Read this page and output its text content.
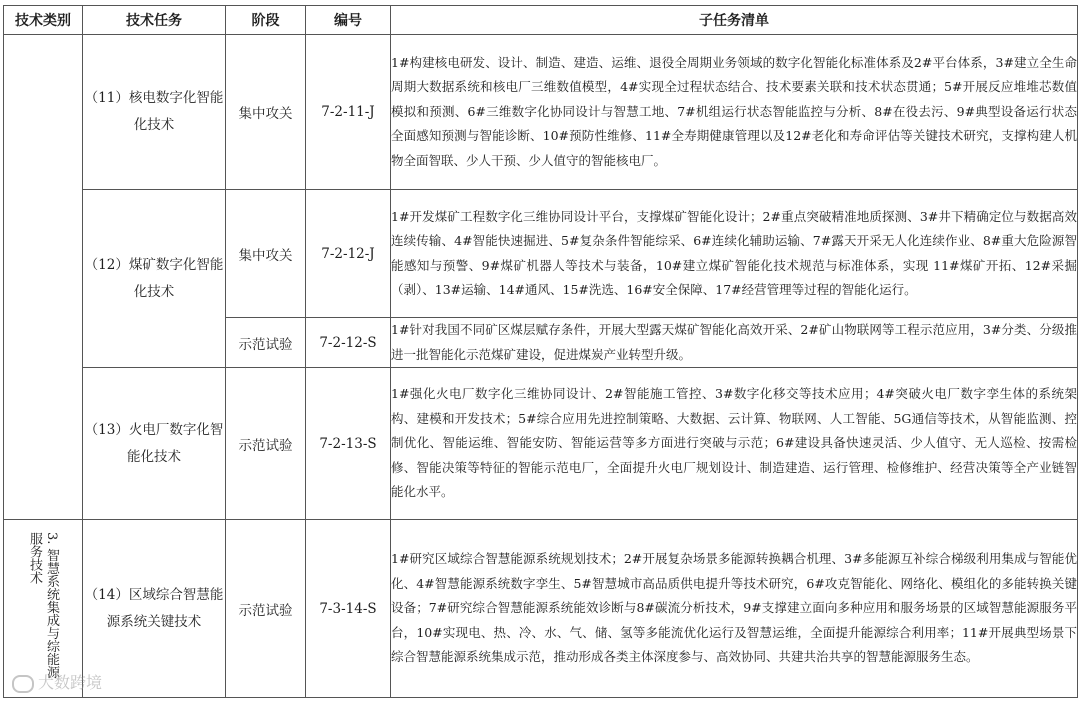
技术类别	技术任务	阶段	编号	子任务清单
	（11）核电数字化智能化技术	集中攻关	7-2-11-J	1#构建核电研发、设计、制造、建造、运维、退役全周期业务领域的数字化智能化标准体系及2#平台体系，3#建立全生命周期大数据系统和核电厂三维数值模型，4#实现全过程状态结合、技术要素关联和技术状态贯通；5#开展反应堆堆芯数值模拟和预测、6#三维数字化协同设计与智慧工地、7#机组运行状态智能监控与分析、8#在役去污、9#典型设备运行状态全面感知预测与智能诊断、10#预防性维修、11#全寿期健康管理以及12#老化和寿命评估等关键技术研究，支撑构建人机物全面智联、少人干预、少人值守的智能核电厂。
	（12）煤矿数字化智能化技术	集中攻关	7-2-12-J	1#开发煤矿工程数字化三维协同设计平台，支撑煤矿智能化设计；2#重点突破精准地质探测、3#井下精确定位与数据高效连续传输、4#智能快速掘进、5#复杂条件智能综采、6#连续化辅助运输、7#露天开采无人化连续作业、8#重大危险源智能感知与预警、9#煤矿机器人等技术与装备，10#建立煤矿智能化技术规范与标准体系，实现 11#煤矿开拓、12#采掘（剥）、13#运输、14#通风、15#洗选、16#安全保障、17#经营管理等过程的智能化运行。
		示范试验	7-2-12-S	1#针对我国不同矿区煤层赋存条件，开展大型露天煤矿智能化高效开采、2#矿山物联网等工程示范应用，3#分类、分级推进一批智能化示范煤矿建设，促进煤炭产业转型升级。
	（13）火电厂数字化智能化技术	示范试验	7-2-13-S	1#强化火电厂数字化三维协同设计、2#智能施工管控、3#数字化移交等技术应用；4#突破火电厂数字孪生体的系统架构、建模和开发技术；5#综合应用先进控制策略、大数据、云计算、物联网、人工智能、5G通信等技术，从智能监测、控制优化、智能运维、智能安防、智能运营等多方面进行突破与示范；6#建设具备快速灵活、少人值守、无人巡检、按需检修、智能决策等特征的智能示范电厂，全面提升火电厂规划设计、制造建造、运行管理、检修维护、经营决策等全产业链智能化水平。
3. 智慧系统集成与综能源服务技术	（14）区域综合智慧能源系统关键技术	示范试验	7-3-14-S	1#研究区域综合智慧能源系统规划技术；2#开展复杂场景多能源转换耦合机理、3#多能源互补综合梯级利用集成与智能优化、4#智慧能源系统数字孪生、5#智慧城市高品质供电提升等技术研究，6#攻克智能化、网络化、模组化的多能转换关键设备；7#研究综合智慧能源系统能效诊断与8#碳流分析技术，9#支撑建立面向多种应用和服务场景的区域智慧能源服务平台，10#实现电、热、冷、水、气、储、氢等多能流优化运行及智慧运维，全面提升能源综合利用率；11#开展典型场景下综合智慧能源系统集成示范，推动形成各类主体深度参与、高效协同、共建共治共享的智慧能源服务生态。
大数跨境
